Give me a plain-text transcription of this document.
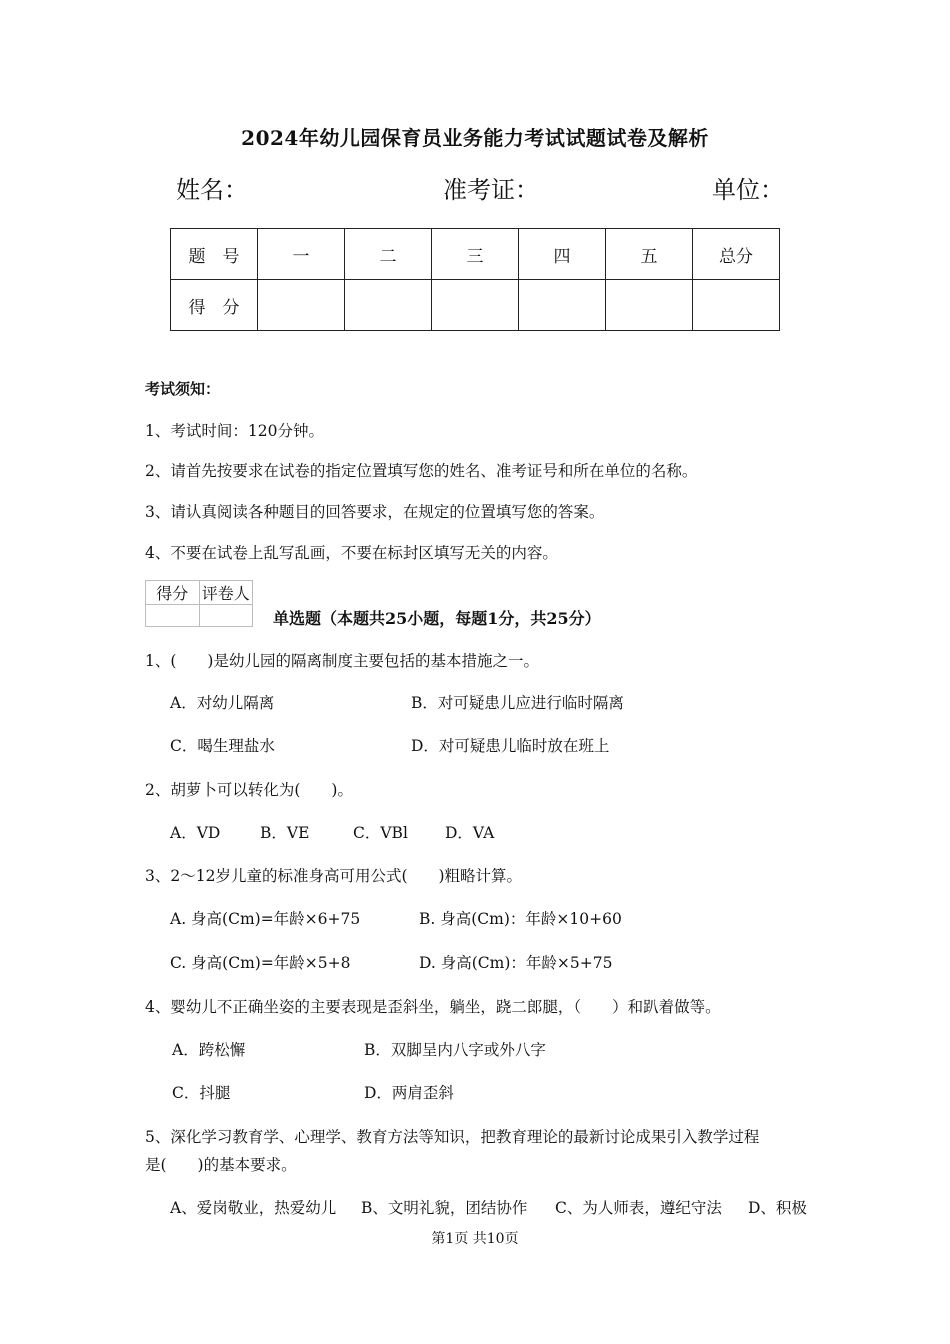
2024年幼儿园保育员业务能力考试试题试卷及解析
姓名：	准考证：	单位：
题　号	一	二	三	四	五	总分
得　分						
考试须知：
1、考试时间：120分钟。
2、请首先按要求在试卷的指定位置填写您的姓名、准考证号和所在单位的名称。
3、请认真阅读各种题目的回答要求，在规定的位置填写您的答案。
4、不要在试卷上乱写乱画，不要在标封区填写无关的内容。
得分	评卷人

单选题（本题共25小题，每题1分，共25分）
1、(　　)是幼儿园的隔离制度主要包括的基本措施之一。
A．对幼儿隔离	B．对可疑患儿应进行临时隔离
C．喝生理盐水	D．对可疑患儿临时放在班上
2、胡萝卜可以转化为(　　)。
A．VD	B．VE	C．VBl D．VA
3、2～12岁儿童的标准身高可用公式(　　)粗略计算。
A. 身高(Cm)=年龄×6+75	B. 身高(Cm)：年龄×10+60
C. 身高(Cm)=年龄×5+8	D. 身高(Cm)：年龄×5+75
4、婴幼儿不正确坐姿的主要表现是歪斜坐，躺坐，跷二郎腿，（　　）和趴着做等。
A．跨松懈	B．双脚呈内八字或外八字
C．抖腿	D．两肩歪斜
5、深化学习教育学、心理学、教育方法等知识，把教育理论的最新讨论成果引入教学过程
是(　　)的基本要求。
A、爱岗敬业，热爱幼儿 B、文明礼貌，团结协作 C、为人师表，遵纪守法 D、积极
第1页 共10页
